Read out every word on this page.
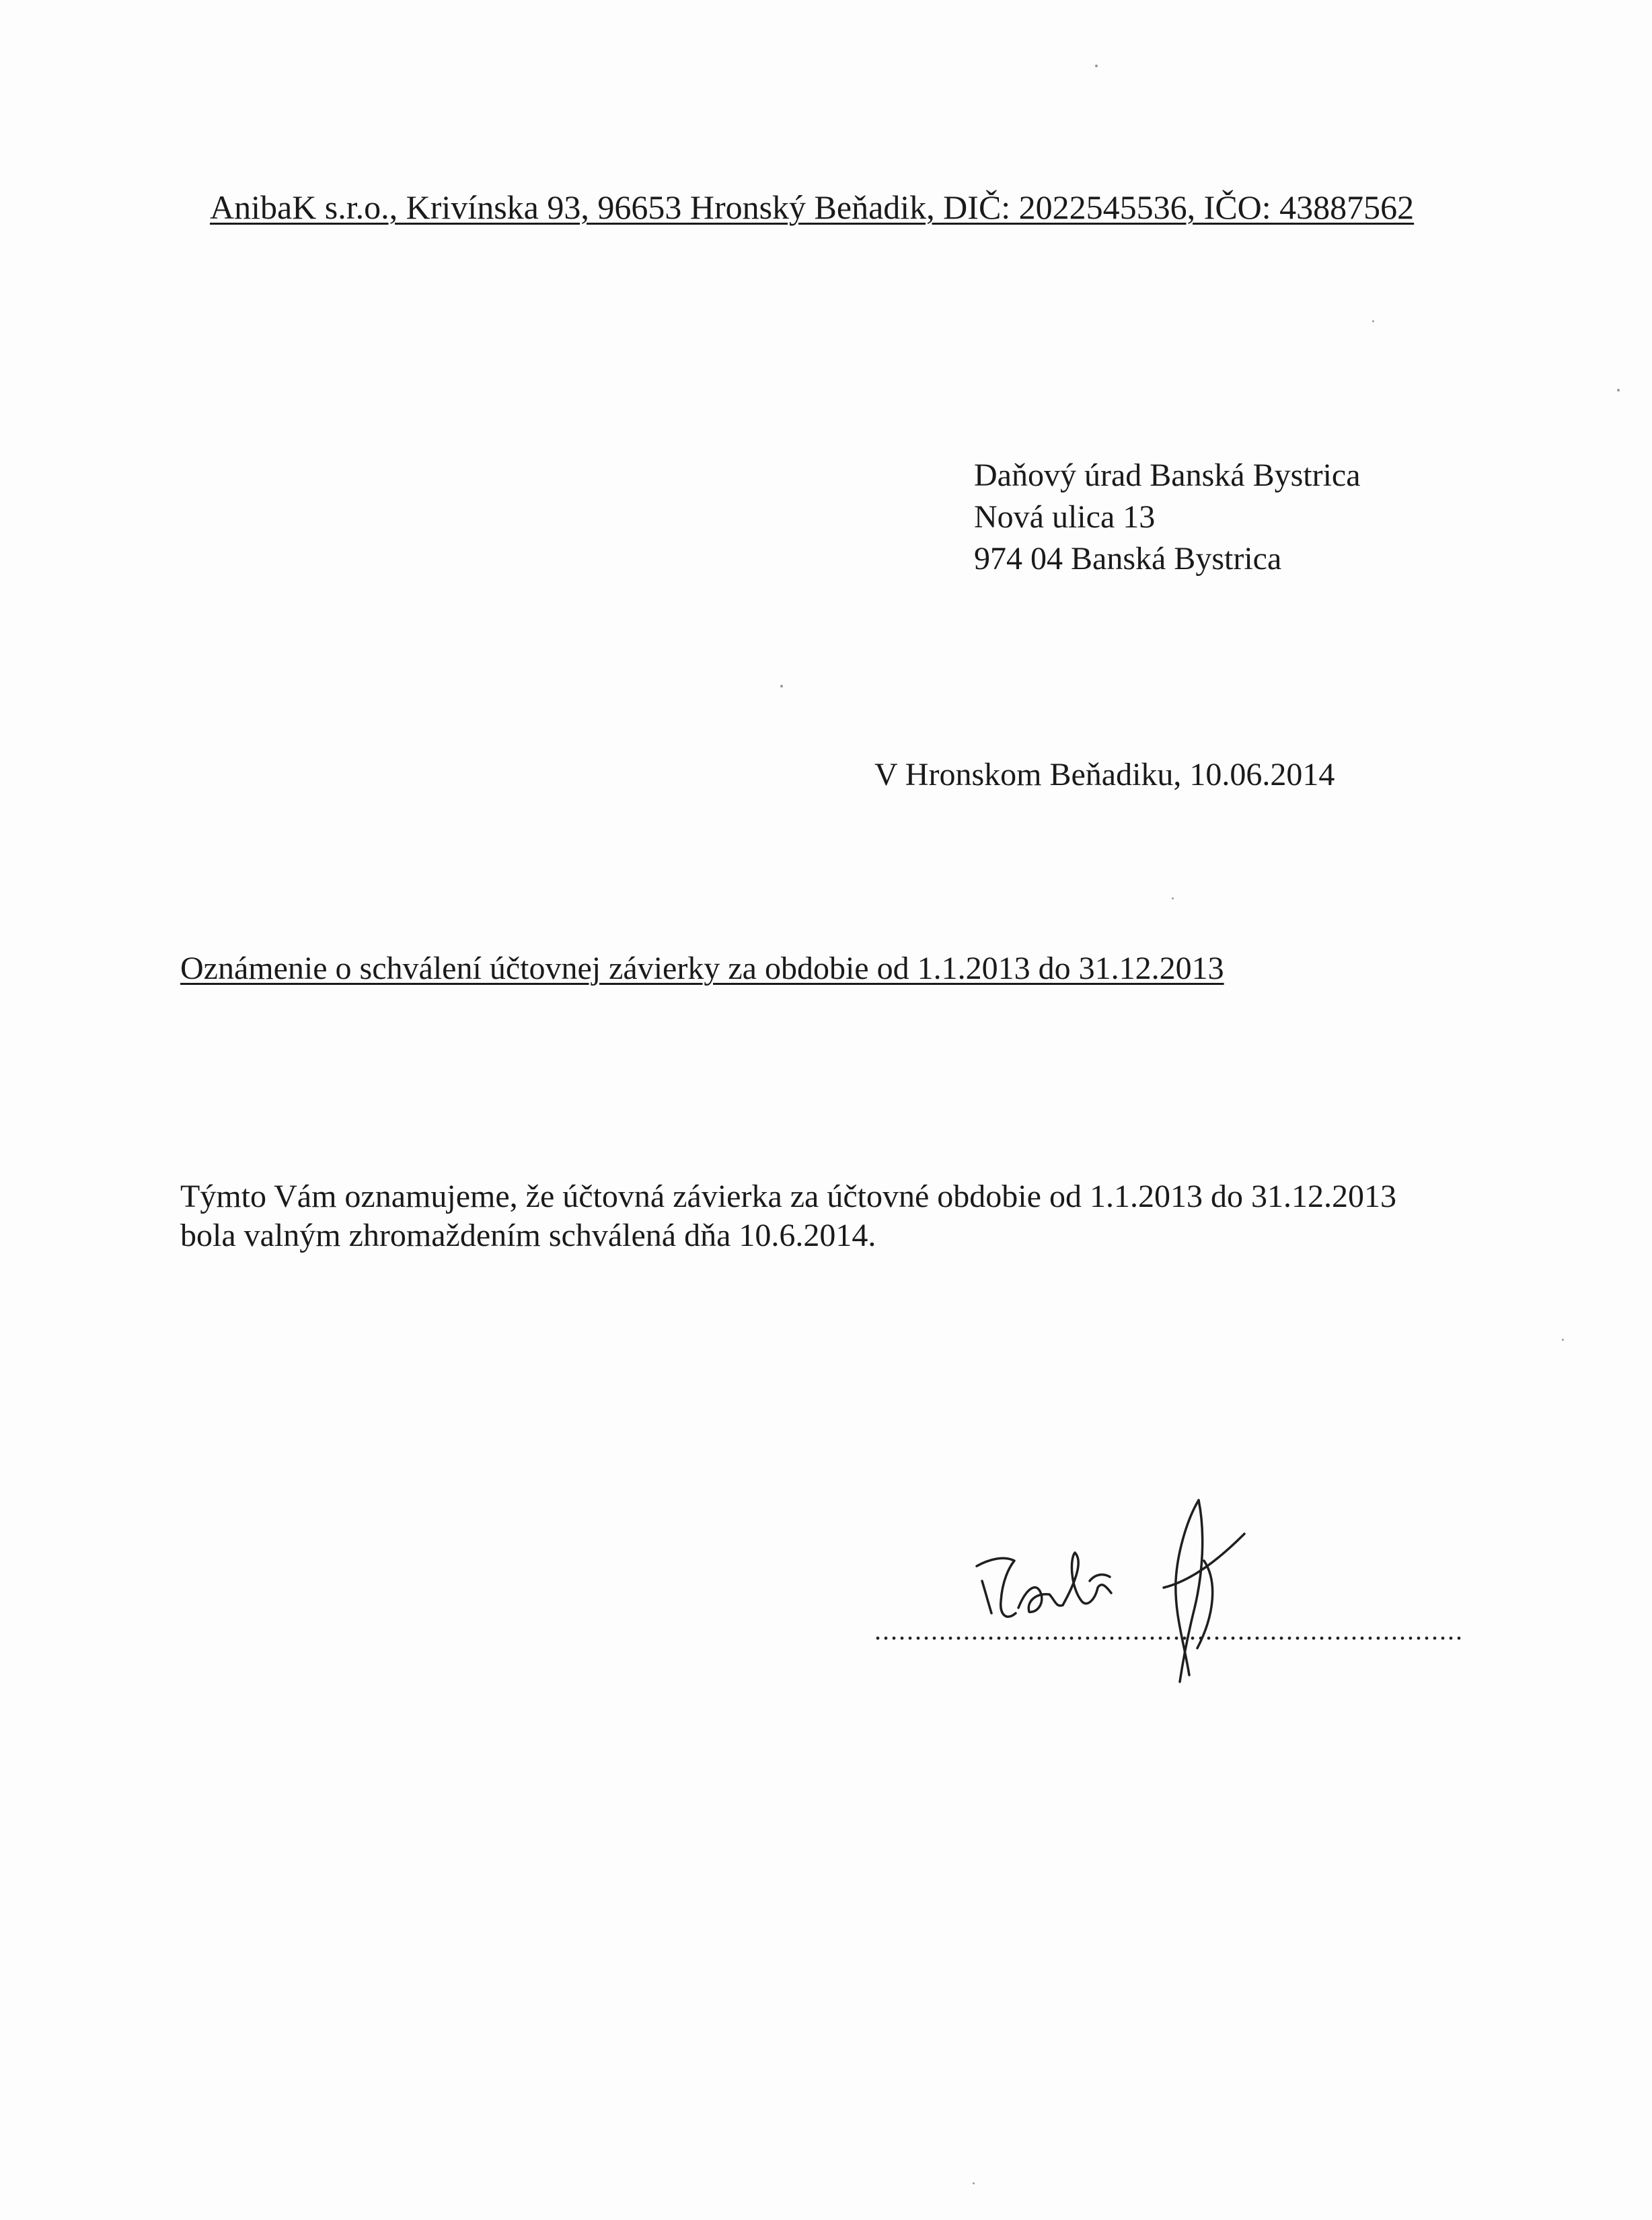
AnibaK s.r.o., Krivínska 93, 96653 Hronský Beňadik, DIČ: 2022545536, IČO: 43887562
Daňový úrad Banská Bystrica
Nová ulica 13
974 04 Banská Bystrica
V Hronskom Beňadiku, 10.06.2014
Oznámenie o schválení účtovnej závierky za obdobie od 1.1.2013 do 31.12.2013
Týmto Vám oznamujeme, že účtovná závierka za účtovné obdobie od 1.1.2013 do 31.12.2013
bola valným zhromaždením schválená dňa 10.6.2014.
.........................................................................
